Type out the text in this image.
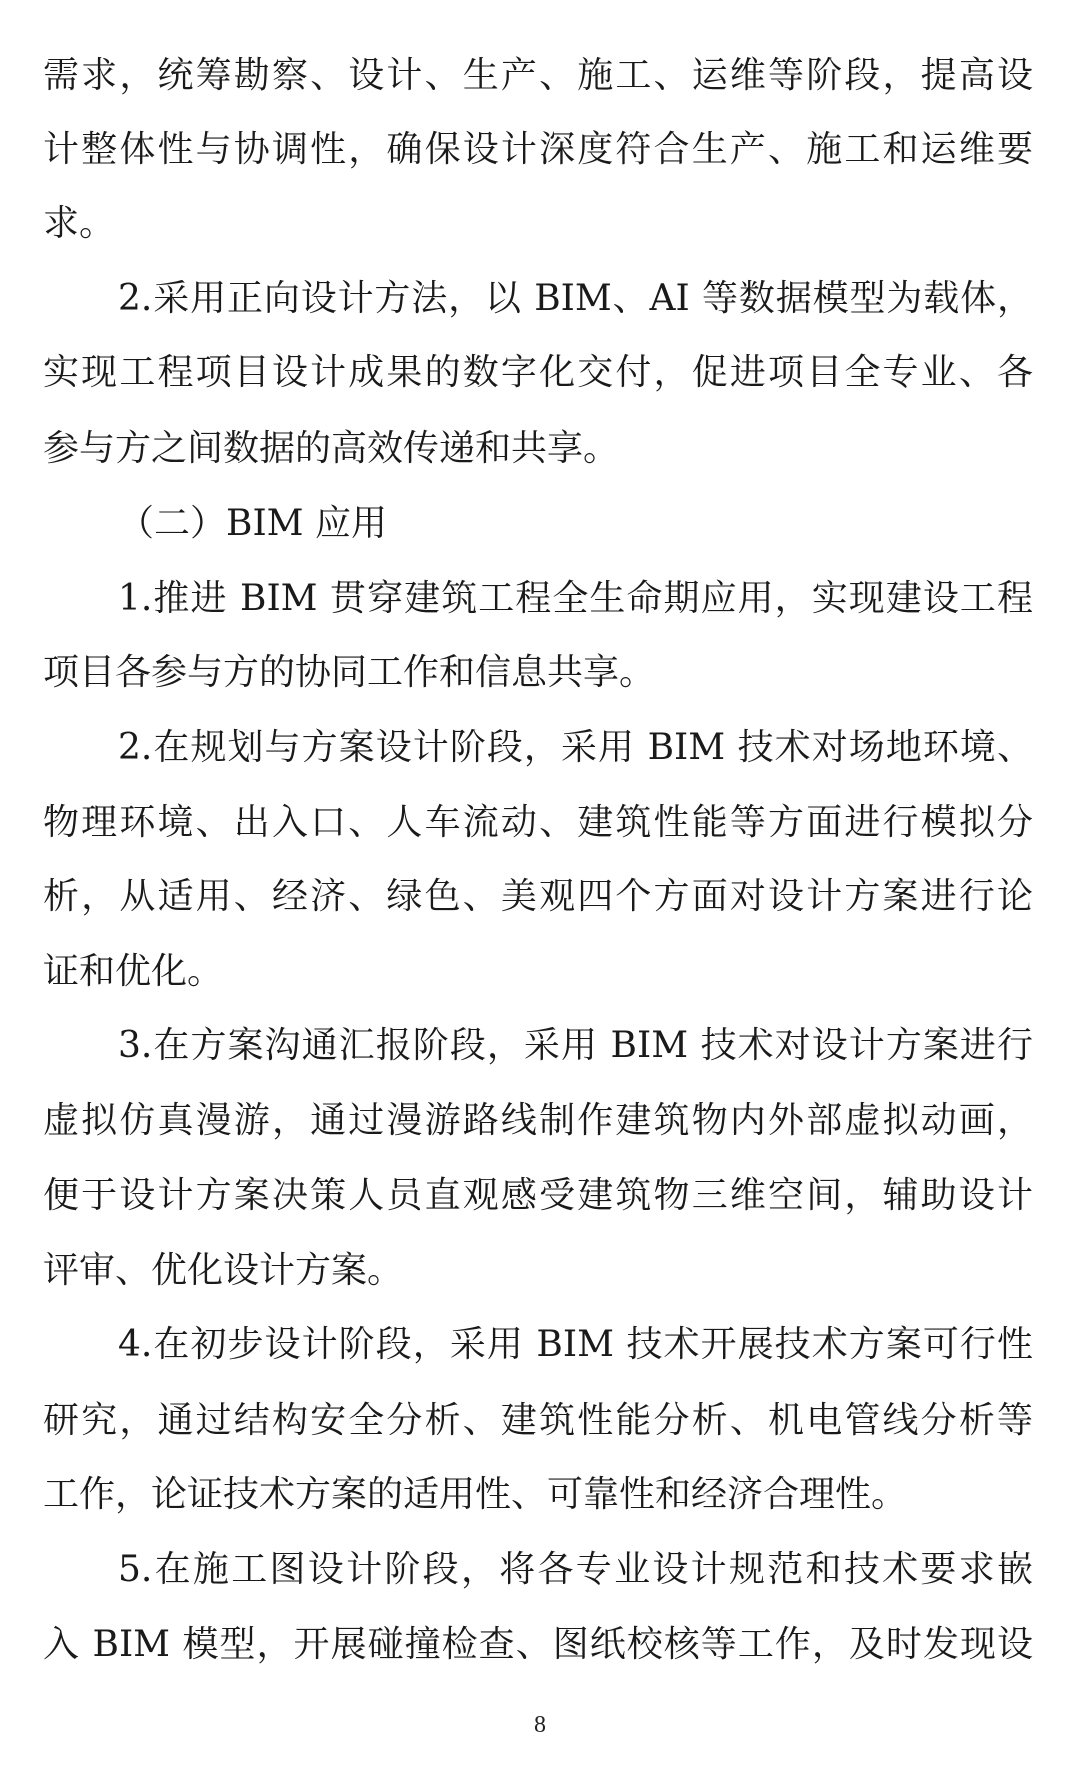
需求，统筹勘察、设计、生产、施工、运维等阶段，提高设
计整体性与协调性，确保设计深度符合生产、施工和运维要
求。
2.采用正向设计方法，以 BIM、AI 等数据模型为载体，
实现工程项目设计成果的数字化交付，促进项目全专业、各
参与方之间数据的高效传递和共享。
（二）BIM 应用
1.推进 BIM 贯穿建筑工程全生命期应用，实现建设工程
项目各参与方的协同工作和信息共享。
2.在规划与方案设计阶段，采用 BIM 技术对场地环境、
物理环境、出入口、人车流动、建筑性能等方面进行模拟分
析，从适用、经济、绿色、美观四个方面对设计方案进行论
证和优化。
3.在方案沟通汇报阶段，采用 BIM 技术对设计方案进行
虚拟仿真漫游，通过漫游路线制作建筑物内外部虚拟动画，
便于设计方案决策人员直观感受建筑物三维空间，辅助设计
评审、优化设计方案。
4.在初步设计阶段，采用 BIM 技术开展技术方案可行性
研究，通过结构安全分析、建筑性能分析、机电管线分析等
工作，论证技术方案的适用性、可靠性和经济合理性。
5.在施工图设计阶段，将各专业设计规范和技术要求嵌
入 BIM 模型，开展碰撞检查、图纸校核等工作，及时发现设
8
